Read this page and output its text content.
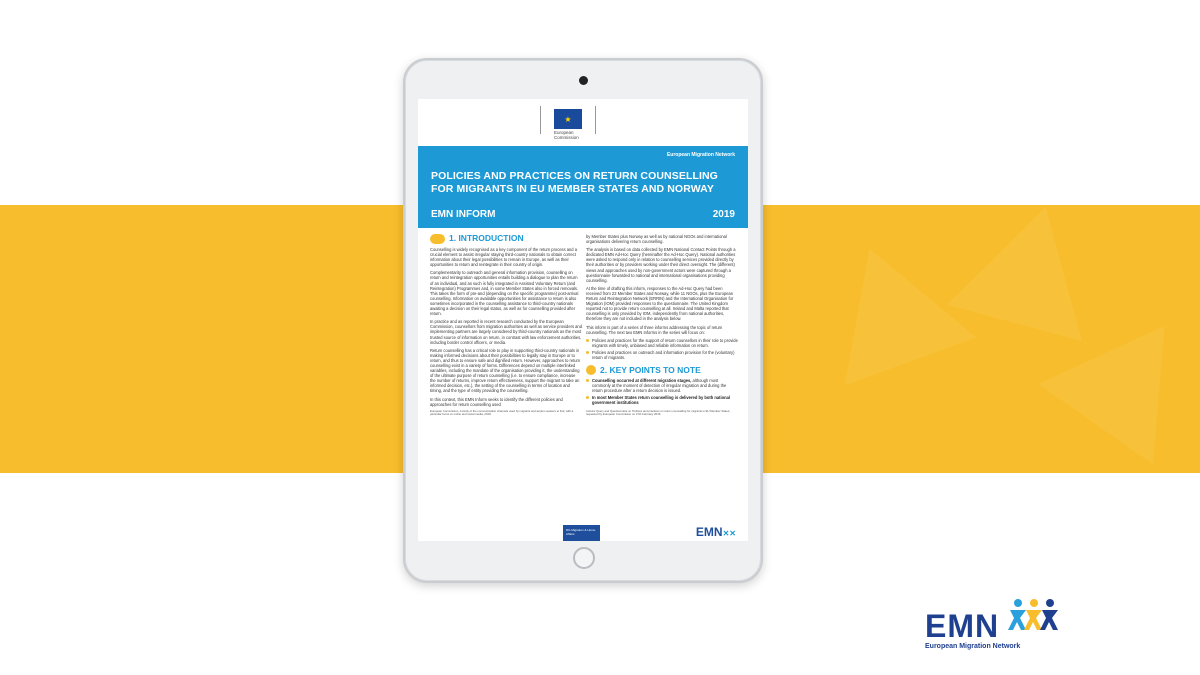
★
European Commission
European Migration Network
POLICIES AND PRACTICES ON RETURN COUNSELLING
FOR MIGRANTS IN EU MEMBER STATES AND NORWAY
EMN INFORM	2019
1. INTRODUCTION

Counselling is widely recognised as a key component of the return process and a crucial element to assist irregular staying third-country nationals to obtain correct information about their legal possibilities to remain in Europe, as well as their opportunities to return and reintegrate in their country of origin.

Complementarity to outreach and general information provision, counselling on return and reintegration opportunities entails building a dialogue to plan the return of an individual, and as such is fully integrated in Assisted Voluntary Return (and Reintegration) Programmes and, in some Member States also in forced removals. This takes the form of pre-and (depending on the specific programme) post-arrival counselling. Information on available opportunities for assistance to return is also sometimes incorporated in the counselling assistance to third-country nationals awaiting a decision on their legal status, as well as for counselling provided after return.

In practice and as reported in recent research conducted by the European Commission, counsellors from migration authorities as well as service providers and implementing partners are largely considered by third-country nationals as the most trusted source of information on return, in contrast with law enforcement authorities, including border control officers, or media.

Return counselling has a critical role to play in supporting third-country nationals in making informed decisions about their possibilities to legally stay in Europe or to return, and thus to ensure safe and dignified return. However, approaches to return counselling exist in a variety of forms. Differences depend on multiple interlinked variables, including the mandate of the organisation providing it, the understanding of the ultimate purpose of return counselling (i.e. to ensure compliance, increase the number of returns, improve return effectiveness, support the migrant to take an informed decision, etc.), the setting of the counselling in terms of location and timing, and the type of entity providing the counselling.

In this context, this EMN Inform seeks to identify the different policies and approaches for return counselling used

European Commission, A study of the communication channels used by migrants and asylum seekers to find, with a particular focus on online and social media, 2018.

by Member States plus Norway as well as by national NGOs and international organisations delivering return counselling.

The analysis is based on data collected by EMN National Contact Points through a dedicated EMN Ad-Hoc Query (hereinafter the Ad-Hoc Query). National authorities were asked to respond only in relation to counselling services provided directly by their authorities or by providers working under their direct oversight. The (different) views and approaches used by non-government actors were captured through a questionnaire forwarded to national and international organisations providing counselling.

At the time of drafting this inform, responses to the Ad-Hoc Query had been received from 22 Member States and Norway, while 11 NGOs, plus the European Return and Reintegration Network (ERRIN) and the International Organisation for Migration (IOM) provided responses to the questionnaire. The United Kingdom reported not to provide return counselling at all. Ireland and Malta reported that counselling is only provided by IOM, independently from national authorities, therefore they are not included in the analysis below.

This inform is part of a series of three informs addressing the topic of return counselling. The next two EMN Informs in the series will focus on:

Policies and practices for the support of return counsellors in their role to provide migrants with timely, unbiased and reliable information on return.
Policies and practices on outreach and information provision for the (voluntary) return of migrants.
2. KEY POINTS TO NOTE
Counselling occurred at different migration stages, although most commonly at the moment of detection of irregular migration and during the return procedure after a return decision is issued.
In most Member States return counselling is delivered by both national government institutions

Ad-Hoc Query and Questionnaire on 'Policies and practices on return counselling for migrants in EU Member States', requested by European Commission on 27th February 2019.

DG Migration & Home Affairs	EMN✕✕
EMN
European Migration Network
